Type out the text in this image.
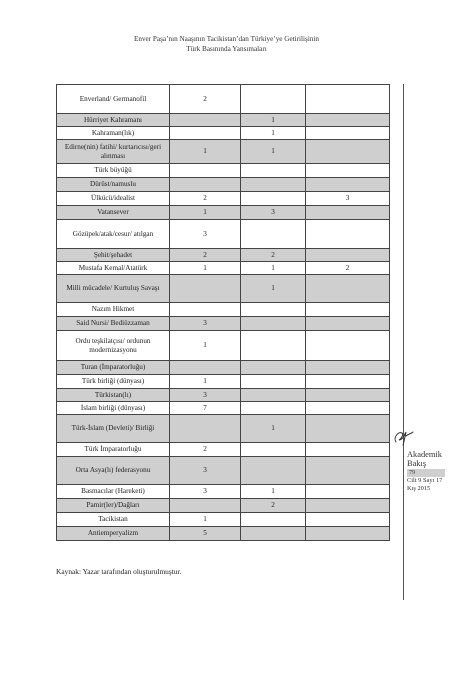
Enver Paşa’nın Naaşının Tacikistan’dan Türkiye’ye Getirilişinin
Türk Basınında Yansımaları
Enverland/ Germanofil	2		
Hürriyet Kahramanı		1	
Kahraman(lık)		1	
Edirne(nin) fatihi/ kurtarıcısı/geri alınması	1	1	
Türk büyüğü			
Dürüst/namuslu			
Ülkücü/idealist	2		3
Vatansever	1	3	
Gözüpek/atak/cesur/ atılgan	3		
Şehit/şehadet	2	2	
Mustafa Kemal/Atatürk	1	1	2
Milli mücadele/ Kurtuluş Savaşı		1	
Nazım Hikmet			
Said Nursi/ Bediüzzaman	3		
Ordu teşkilatçısı/ ordunun modernizasyonu	1		
Turan (İmparatorluğu)			
Türk birliği (dünyası)	1		
Türkistan(lı)	3		
İslam birliği (dünyası)	7		
Türk-İslam (Devleti)/ Birliği		1	
Türk İmparatorluğu	2		
Orta Asya(lı) federasyonu	3		
Basmacılar (Hareketi)	3	1	
Pamir(ler)/Dağları		2	
Tacikistan	1		
Antiemperyalizm	5		
Kaynak: Yazar tarafından oluşturulmuştur.
Akademik
Bakış
79
Cilt 9 Sayı 17
Kış 2015
